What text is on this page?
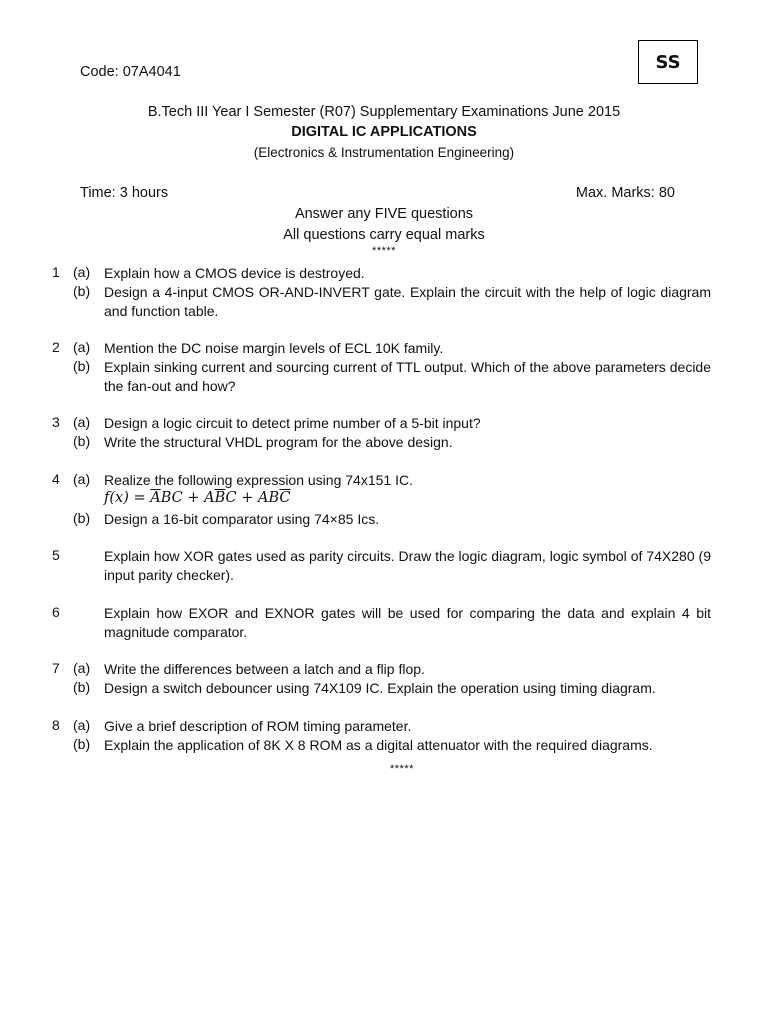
Code: 07A4041	SS
B.Tech III Year I Semester (R07) Supplementary Examinations June 2015
DIGITAL IC APPLICATIONS
(Electronics & Instrumentation Engineering)
Time: 3 hours	Max. Marks: 80
Answer any FIVE questions
All questions carry equal marks
*****
1 (a) Explain how a CMOS device is destroyed.
(b) Design a 4-input CMOS OR-AND-INVERT gate. Explain the circuit with the help of logic diagram and function table.
2 (a) Mention the DC noise margin levels of ECL 10K family.
(b) Explain sinking current and sourcing current of TTL output. Which of the above parameters decide the fan-out and how?
3 (a) Design a logic circuit to detect prime number of a 5-bit input?
(b) Write the structural VHDL program for the above design.
4 (a) Realize the following expression using 74x151 IC.
$f(x) = \overline{A}BC + A\overline{B}C + AB\overline{C}$
(b) Design a 16-bit comparator using 74×85 Ics.
5	Explain how XOR gates used as parity circuits. Draw the logic diagram, logic symbol of 74X280 (9 input parity checker).
6	Explain how EXOR and EXNOR gates will be used for comparing the data and explain 4 bit magnitude comparator.
7 (a) Write the differences between a latch and a flip flop.
(b) Design a switch debouncer using 74X109 IC. Explain the operation using timing diagram.
8 (a) Give a brief description of ROM timing parameter.
(b) Explain the application of 8K X 8 ROM as a digital attenuator with the required diagrams.
*****
